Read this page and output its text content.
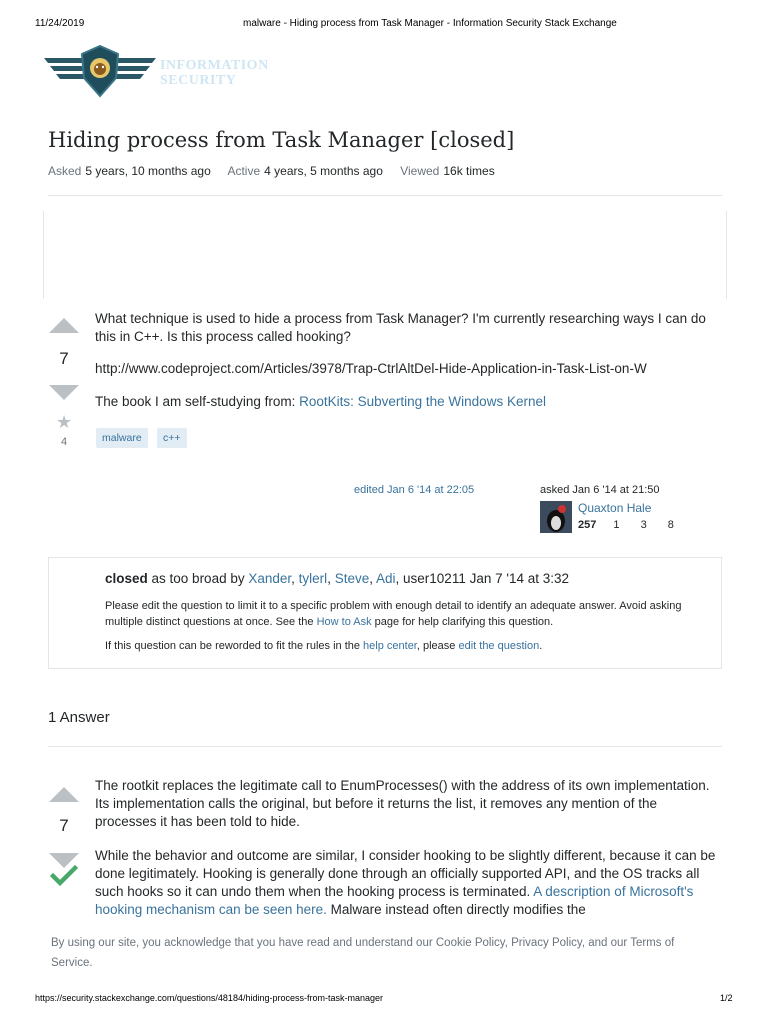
11/24/2019	malware - Hiding process from Task Manager - Information Security Stack Exchange
INFORMATION
SECURITY
Hiding process from Task Manager [closed]
Asked 5 years, 10 months ago Active 4 years, 5 months ago Viewed 16k times
7
★
4
What technique is used to hide a process from Task Manager? I'm currently researching ways I can do this in C++. Is this process called hooking?
http://www.codeproject.com/Articles/3978/Trap-CtrlAltDel-Hide-Application-in-Task-List-on-W
The book I am self-studying from: RootKits: Subverting the Windows Kernel
malware	c++
edited Jan 6 '14 at 22:05	asked Jan 6 '14 at 21:50
Quaxton Hale
257 1 3 8
closed as too broad by Xander, tylerl, Steve, Adi, user10211 Jan 7 '14 at 3:32
Please edit the question to limit it to a specific problem with enough detail to identify an adequate answer. Avoid asking multiple distinct questions at once. See the How to Ask page for help clarifying this question.
If this question can be reworded to fit the rules in the help center, please edit the question.
1 Answer
7
The rootkit replaces the legitimate call to EnumProcesses() with the address of its own implementation. Its implementation calls the original, but before it returns the list, it removes any mention of the processes it has been told to hide.
While the behavior and outcome are similar, I consider hooking to be slightly different, because it can be done legitimately. Hooking is generally done through an officially supported API, and the OS tracks all such hooks so it can undo them when the hooking process is terminated. A description of Microsoft's hooking mechanism can be seen here. Malware instead often directly modifies the
By using our site, you acknowledge that you have read and understand our Cookie Policy, Privacy Policy, and our Terms of Service.
https://security.stackexchange.com/questions/48184/hiding-process-from-task-manager	1/2
